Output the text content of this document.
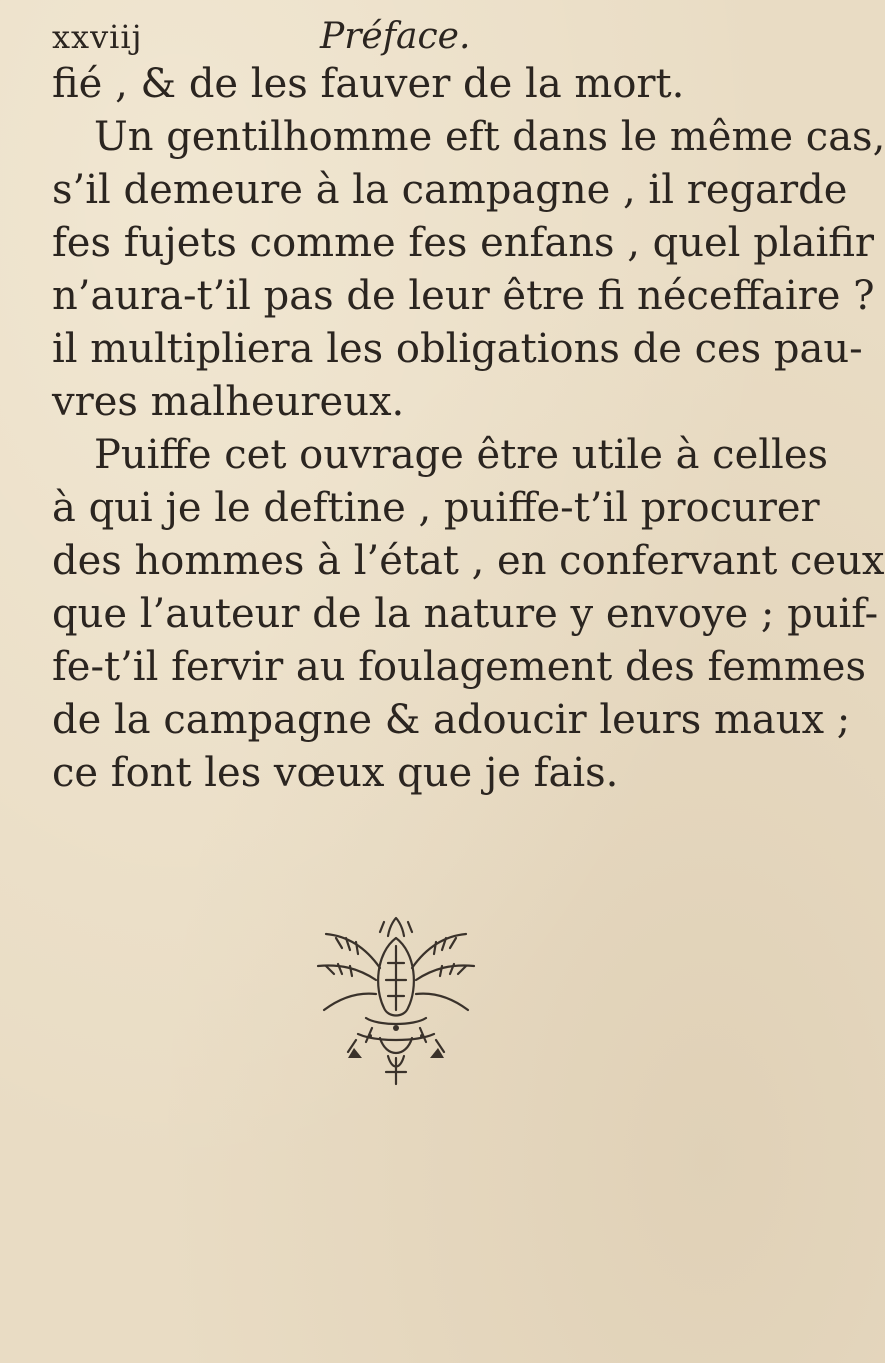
xxviij	Préface.
fié , & de les fauver de la mort.
Un gentilhomme eft dans le même cas,
s’il demeure à la campagne , il regarde
fes fujets comme fes enfans , quel plaifir
n’aura-t’il pas de leur être fi néceffaire ?
il multipliera les obligations de ces pau-
vres malheureux.
Puiffe cet ouvrage être utile à celles
à qui je le deftine , puiffe-t’il procurer
des hommes à l’état , en confervant ceux
que l’auteur de la nature y envoye ; puif-
fe-t’il fervir au foulagement des femmes
de la campagne & adoucir leurs maux ;
ce font les vœux que je fais.
